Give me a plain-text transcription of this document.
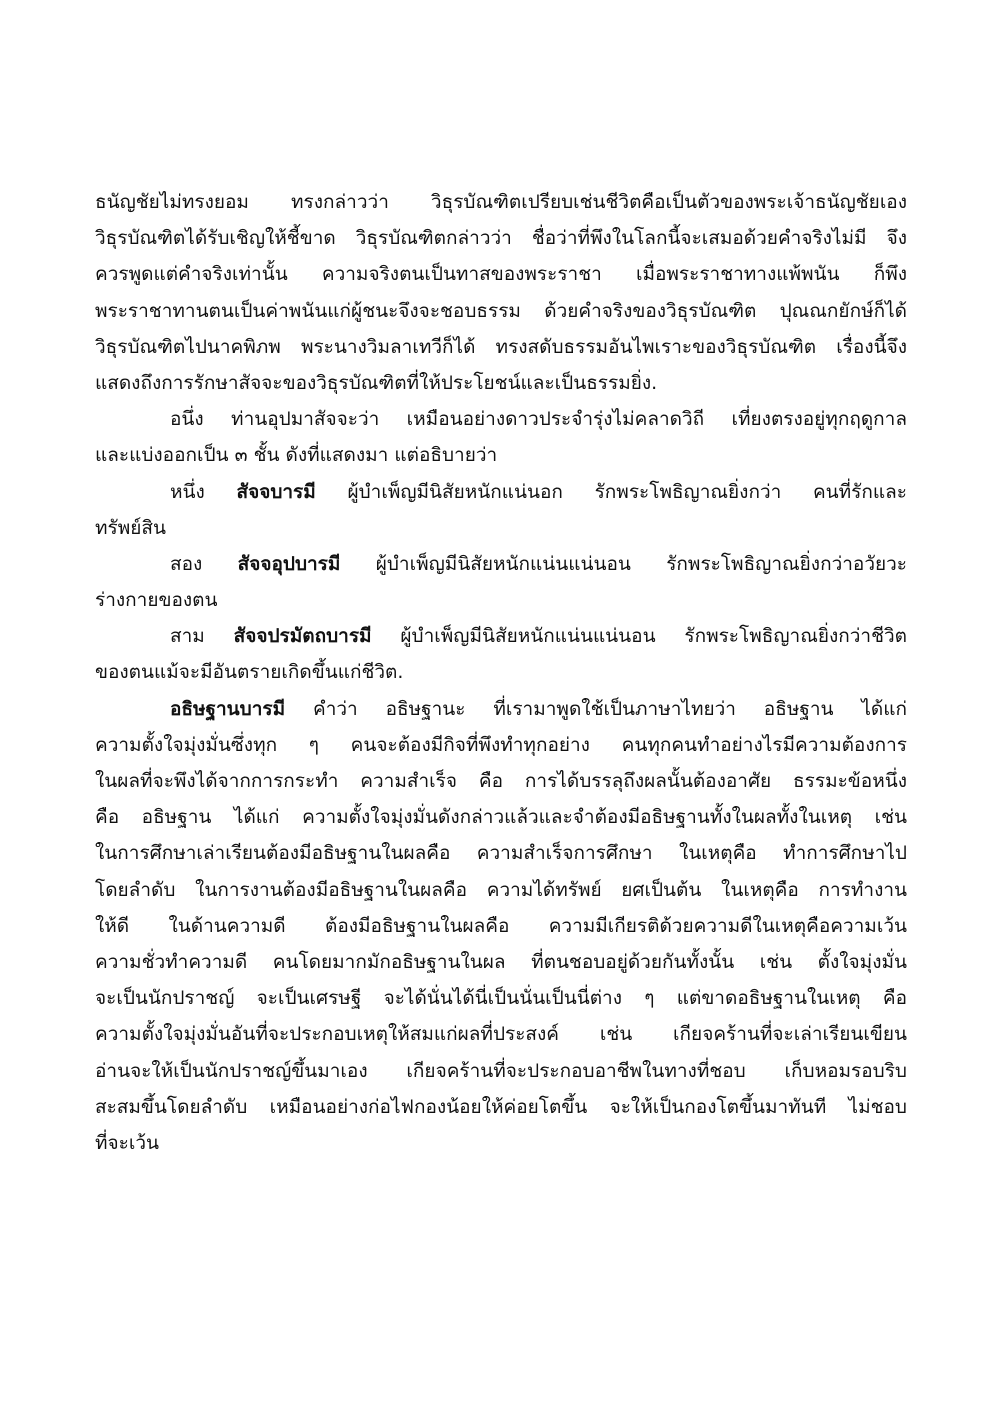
ธนัญชัยไม่ทรงยอม ทรงกล่าวว่า วิธุรบัณฑิตเปรียบเช่นชีวิตคือเป็นตัวของพระเจ้าธนัญชัยเอง
วิธุรบัณฑิตได้รับเชิญให้ชี้ขาด วิธุรบัณฑิตกล่าวว่า ชื่อว่าที่พึงในโลกนี้จะเสมอด้วยคำจริงไม่มี จึง
ควรพูดแต่คำจริงเท่านั้น ความจริงตนเป็นทาสของพระราชา เมื่อพระราชาทางแพ้พนัน ก็พึง
พระราชาทานตนเป็นค่าพนันแก่ผู้ชนะจึงจะชอบธรรม ด้วยคำจริงของวิธุรบัณฑิต ปุณณกยักษ์ก็ได้
วิธุรบัณฑิตไปนาคพิภพ พระนางวิมลาเทวีก็ได้ ทรงสดับธรรมอันไพเราะของวิธุรบัณฑิต เรื่องนี้จึง
แสดงถึงการรักษาสัจจะของวิธุรบัณฑิตที่ให้ประโยชน์และเป็นธรรมยิ่ง.
อนึ่ง ท่านอุปมาสัจจะว่า เหมือนอย่างดาวประจำรุ่งไม่คลาดวิถี เที่ยงตรงอยู่ทุกฤดูกาล
และแบ่งออกเป็น ๓ ชั้น ดังที่แสดงมา แต่อธิบายว่า
หนึ่ง สัจจบารมี ผู้บำเพ็ญมีนิสัยหนักแน่นอก รักพระโพธิญาณยิ่งกว่า คนที่รักและ
ทรัพย์สิน
สอง สัจจอุปบารมี ผู้บำเพ็ญมีนิสัยหนักแน่นแน่นอน รักพระโพธิญาณยิ่งกว่าอวัยวะ
ร่างกายของตน
สาม สัจจปรมัตถบารมี ผู้บำเพ็ญมีนิสัยหนักแน่นแน่นอน รักพระโพธิญาณยิ่งกว่าชีวิต
ของตนแม้จะมีอันตรายเกิดขึ้นแก่ชีวิต.
อธิษฐานบารมี คำว่า อธิษฐานะ ที่เรามาพูดใช้เป็นภาษาไทยว่า อธิษฐาน ได้แก่
ความตั้งใจมุ่งมั่นซึ่งทุก ๆ คนจะต้องมีกิจที่พึงทำทุกอย่าง คนทุกคนทำอย่างไรมีความต้องการ
ในผลที่จะพึงได้จากการกระทำ ความสำเร็จ คือ การได้บรรลุถึงผลนั้นต้องอาศัย ธรรมะข้อหนึ่ง
คือ อธิษฐาน ได้แก่ ความตั้งใจมุ่งมั่นดังกล่าวแล้วและจำต้องมีอธิษฐานทั้งในผลทั้งในเหตุ เช่น
ในการศึกษาเล่าเรียนต้องมีอธิษฐานในผลคือ ความสำเร็จการศึกษา ในเหตุคือ ทำการศึกษาไป
โดยลำดับ ในการงานต้องมีอธิษฐานในผลคือ ความได้ทรัพย์ ยศเป็นต้น ในเหตุคือ การทำงาน
ให้ดี ในด้านความดี ต้องมีอธิษฐานในผลคือ ความมีเกียรติด้วยความดีในเหตุคือความเว้น
ความชั่วทำความดี คนโดยมากมักอธิษฐานในผล ที่ตนชอบอยู่ด้วยกันทั้งนั้น เช่น ตั้งใจมุ่งมั่น
จะเป็นนักปราชญ์ จะเป็นเศรษฐี จะได้นั่นได้นี่เป็นนั่นเป็นนี่ต่าง ๆ แต่ขาดอธิษฐานในเหตุ คือ
ความตั้งใจมุ่งมั่นอันที่จะประกอบเหตุให้สมแก่ผลที่ประสงค์ เช่น เกียจคร้านที่จะเล่าเรียนเขียน
อ่านจะให้เป็นนักปราชญ์ขึ้นมาเอง เกียจคร้านที่จะประกอบอาชีพในทางที่ชอบ เก็บหอมรอบริบ
สะสมขึ้นโดยลำดับ เหมือนอย่างก่อไฟกองน้อยให้ค่อยโตขึ้น จะให้เป็นกองโตขึ้นมาทันที ไม่ชอบ
ที่จะเว้น
